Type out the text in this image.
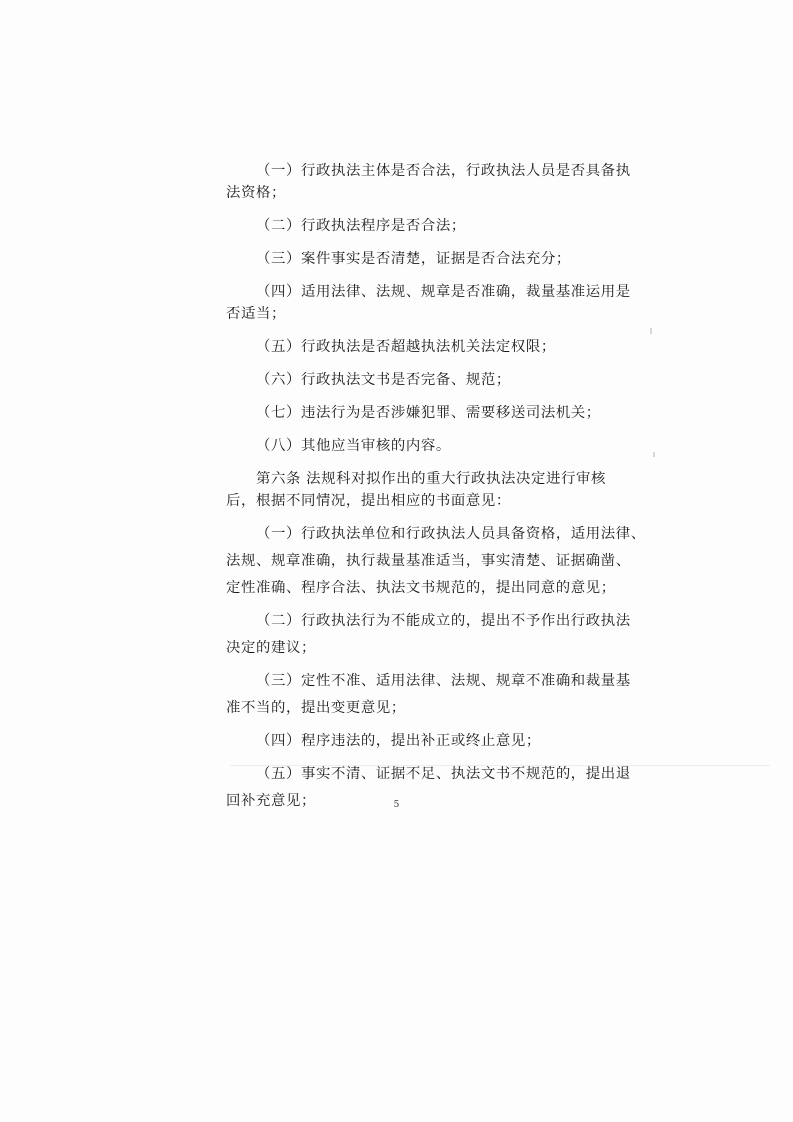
（一）行政执法主体是否合法，行政执法人员是否具备执

法资格；

（二）行政执法程序是否合法；

（三）案件事实是否清楚，证据是否合法充分；

（四）适用法律、法规、规章是否准确，裁量基准运用是

否适当；

（五）行政执法是否超越执法机关法定权限；

（六）行政执法文书是否完备、规范；

（七）违法行为是否涉嫌犯罪、需要移送司法机关；

（八）其他应当审核的内容。

第六条 法规科对拟作出的重大行政执法决定进行审核

后，根据不同情况，提出相应的书面意见：

（一）行政执法单位和行政执法人员具备资格，适用法律、

法规、规章准确，执行裁量基准适当，事实清楚、证据确凿、

定性准确、程序合法、执法文书规范的，提出同意的意见；

（二）行政执法行为不能成立的，提出不予作出行政执法

决定的建议；

（三）定性不准、适用法律、法规、规章不准确和裁量基

准不当的，提出变更意见；

（四）程序违法的，提出补正或终止意见；

（五）事实不清、证据不足、执法文书不规范的，提出退

回补充意见；	5
